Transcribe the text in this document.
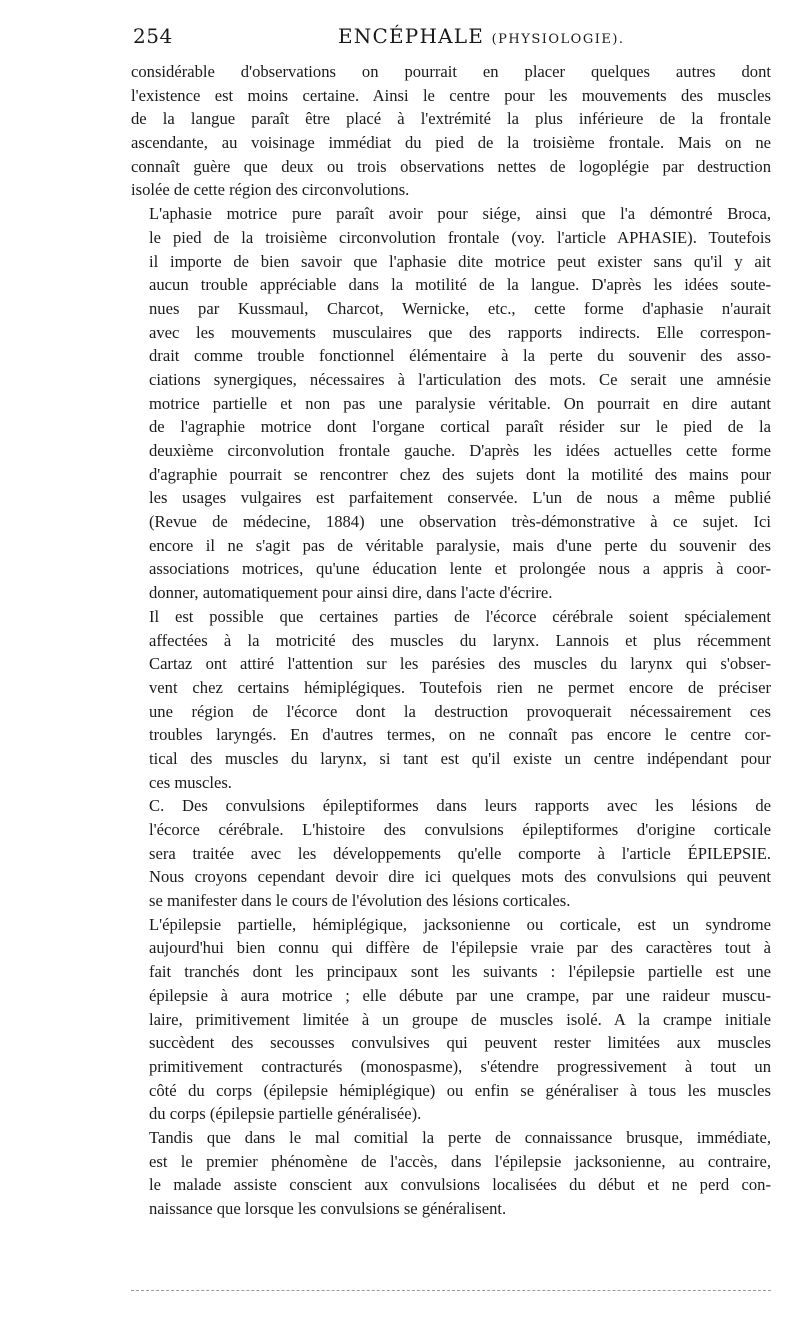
254	ENCÉPHALE (PHYSIOLOGIE).

considérable d'observations on pourrait en placer quelques autres dont
l'existence est moins certaine. Ainsi le centre pour les mouvements des muscles
de la langue paraît être placé à l'extrémité la plus inférieure de la frontale
ascendante, au voisinage immédiat du pied de la troisième frontale. Mais on ne
connaît guère que deux ou trois observations nettes de logoplégie par destruction
isolée de cette région des circonvolutions.

L'aphasie motrice pure paraît avoir pour siége, ainsi que l'a démontré Broca,
le pied de la troisième circonvolution frontale (voy. l'article APHASIE). Toutefois
il importe de bien savoir que l'aphasie dite motrice peut exister sans qu'il y ait
aucun trouble appréciable dans la motilité de la langue. D'après les idées soute-
nues par Kussmaul, Charcot, Wernicke, etc., cette forme d'aphasie n'aurait
avec les mouvements musculaires que des rapports indirects. Elle correspon-
drait comme trouble fonctionnel élémentaire à la perte du souvenir des asso-
ciations synergiques, nécessaires à l'articulation des mots. Ce serait une amnésie
motrice partielle et non pas une paralysie véritable. On pourrait en dire autant
de l'agraphie motrice dont l'organe cortical paraît résider sur le pied de la
deuxième circonvolution frontale gauche. D'après les idées actuelles cette forme
d'agraphie pourrait se rencontrer chez des sujets dont la motilité des mains pour
les usages vulgaires est parfaitement conservée. L'un de nous a même publié
(Revue de médecine, 1884) une observation très-démonstrative à ce sujet. Ici
encore il ne s'agit pas de véritable paralysie, mais d'une perte du souvenir des
associations motrices, qu'une éducation lente et prolongée nous a appris à coor-
donner, automatiquement pour ainsi dire, dans l'acte d'écrire.

Il est possible que certaines parties de l'écorce cérébrale soient spécialement
affectées à la motricité des muscles du larynx. Lannois et plus récemment
Cartaz ont attiré l'attention sur les parésies des muscles du larynx qui s'obser-
vent chez certains hémiplégiques. Toutefois rien ne permet encore de préciser
une région de l'écorce dont la destruction provoquerait nécessairement ces
troubles laryngés. En d'autres termes, on ne connaît pas encore le centre cor-
tical des muscles du larynx, si tant est qu'il existe un centre indépendant pour
ces muscles.

C. Des convulsions épileptiformes dans leurs rapports avec les lésions de
l'écorce cérébrale. L'histoire des convulsions épileptiformes d'origine corticale
sera traitée avec les développements qu'elle comporte à l'article ÉPILEPSIE.
Nous croyons cependant devoir dire ici quelques mots des convulsions qui peuvent
se manifester dans le cours de l'évolution des lésions corticales.

L'épilepsie partielle, hémiplégique, jacksonienne ou corticale, est un syndrome
aujourd'hui bien connu qui diffère de l'épilepsie vraie par des caractères tout à
fait tranchés dont les principaux sont les suivants : l'épilepsie partielle est une
épilepsie à aura motrice ; elle débute par une crampe, par une raideur muscu-
laire, primitivement limitée à un groupe de muscles isolé. A la crampe initiale
succèdent des secousses convulsives qui peuvent rester limitées aux muscles
primitivement contracturés (monospasme), s'étendre progressivement à tout un
côté du corps (épilepsie hémiplégique) ou enfin se généraliser à tous les muscles
du corps (épilepsie partielle généralisée).

Tandis que dans le mal comitial la perte de connaissance brusque, immédiate,
est le premier phénomène de l'accès, dans l'épilepsie jacksonienne, au contraire,
le malade assiste conscient aux convulsions localisées du début et ne perd con-
naissance que lorsque les convulsions se généralisent.
